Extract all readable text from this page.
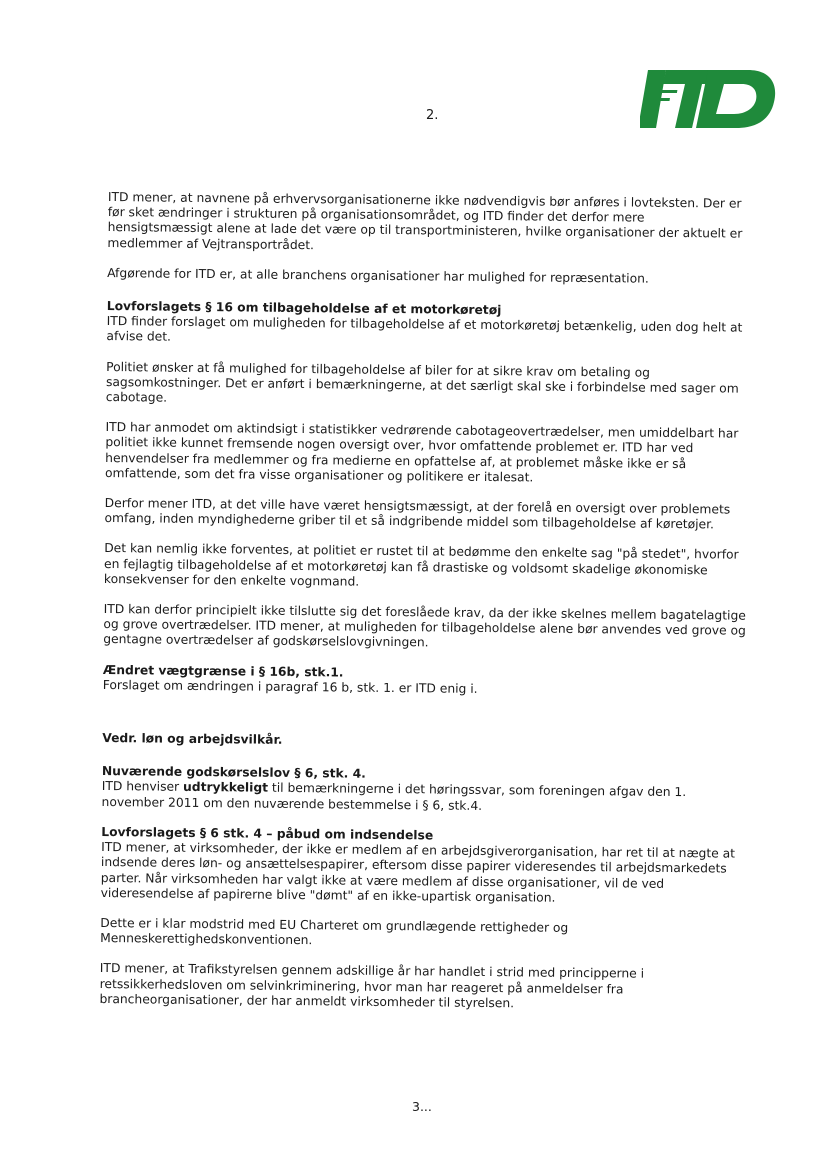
2.

ITD mener, at navnene på erhvervsorganisationerne ikke nødvendigvis bør anføres i lovteksten. Der er før sket ændringer i strukturen på organisationsområdet, og ITD finder det derfor mere hensigtsmæssigt alene at lade det være op til transportministeren, hvilke organisationer der aktuelt er medlemmer af Vejtransportrådet.

Afgørende for ITD er, at alle branchens organisationer har mulighed for repræsentation.

Lovforslagets § 16 om tilbageholdelse af et motorkøretøj

ITD finder forslaget om muligheden for tilbageholdelse af et motorkøretøj betænkelig, uden dog helt at afvise det.

Politiet ønsker at få mulighed for tilbageholdelse af biler for at sikre krav om betaling og sagsomkostninger. Det er anført i bemærkningerne, at det særligt skal ske i forbindelse med sager om cabotage.

ITD har anmodet om aktindsigt i statistikker vedrørende cabotageovertrædelser, men umiddelbart har politiet ikke kunnet fremsende nogen oversigt over, hvor omfattende problemet er. ITD har ved henvendelser fra medlemmer og fra medierne en opfattelse af, at problemet måske ikke er så omfattende, som det fra visse organisationer og politikere er italesat.

Derfor mener ITD, at det ville have været hensigtsmæssigt, at der forelå en oversigt over problemets omfang, inden myndighederne griber til et så indgribende middel som tilbageholdelse af køretøjer.

Det kan nemlig ikke forventes, at politiet er rustet til at bedømme den enkelte sag "på stedet", hvorfor en fejlagtig tilbageholdelse af et motorkøretøj kan få drastiske og voldsomt skadelige økonomiske konsekvenser for den enkelte vognmand.

ITD kan derfor principielt ikke tilslutte sig det foreslåede krav, da der ikke skelnes mellem bagatelagtige og grove overtrædelser. ITD mener, at muligheden for tilbageholdelse alene bør anvendes ved grove og gentagne overtrædelser af godskørselslovgivningen.

Ændret vægtgrænse i § 16b, stk.1.

Forslaget om ændringen i paragraf 16 b, stk. 1. er ITD enig i.

Vedr. løn og arbejdsvilkår.
Nuværende godskørselslov § 6, stk. 4.

ITD henviser udtrykkeligt til bemærkningerne i det høringssvar, som foreningen afgav den 1. november 2011 om den nuværende bestemmelse i § 6, stk.4.

Lovforslagets § 6 stk. 4 – påbud om indsendelse

ITD mener, at virksomheder, der ikke er medlem af en arbejdsgiverorganisation, har ret til at nægte at indsende deres løn- og ansættelsespapirer, eftersom disse papirer videresendes til arbejdsmarkedets parter. Når virksomheden har valgt ikke at være medlem af disse organisationer, vil de ved videresendelse af papirerne blive "dømt" af en ikke-upartisk organisation.

Dette er i klar modstrid med EU Charteret om grundlægende rettigheder og Menneskerettighedskonventionen.

ITD mener, at Trafikstyrelsen gennem adskillige år har handlet i strid med principperne i retssikkerhedsloven om selvinkriminering, hvor man har reageret på anmeldelser fra brancheorganisationer, der har anmeldt virksomheder til styrelsen.

3...
